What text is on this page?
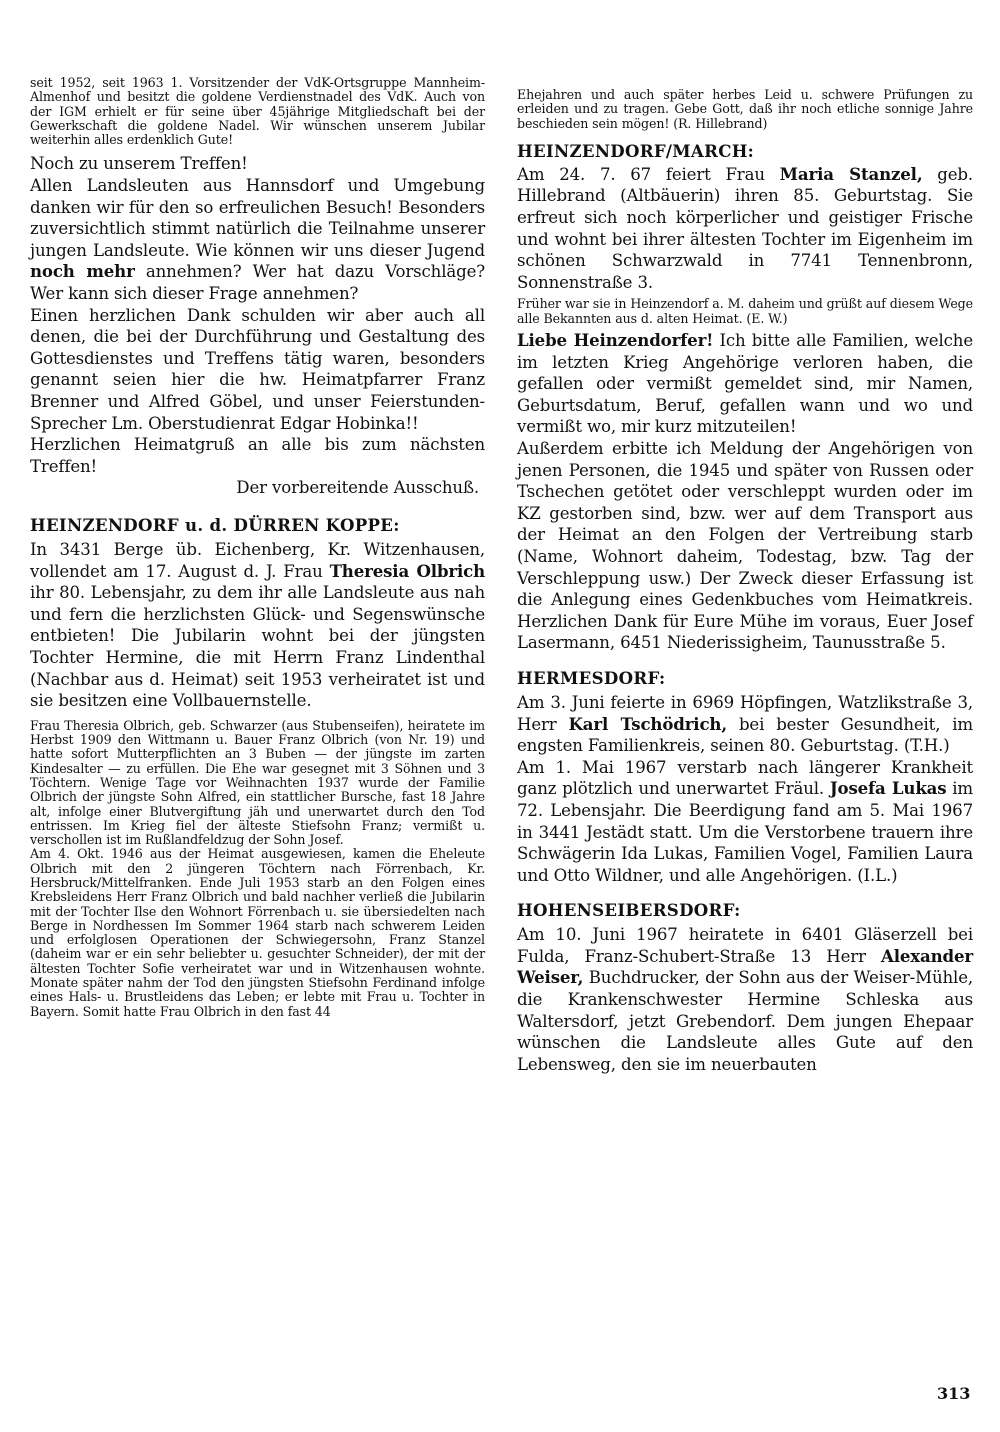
seit 1952, seit 1963 1. Vorsitzender der VdK-Ortsgruppe Mannheim-Almenhof und besitzt die goldene Verdienstnadel des VdK. Auch von der IGM erhielt er für seine über 45jährige Mitgliedschaft bei der Gewerkschaft die goldene Nadel. Wir wünschen unserem Jubilar weiterhin alles erdenklich Gute!

Noch zu unserem Treffen!

Allen Landsleuten aus Hannsdorf und Umgebung danken wir für den so erfreulichen Besuch! Besonders zuversichtlich stimmt natürlich die Teilnahme unserer jungen Landsleute. Wie können wir uns dieser Jugend noch mehr annehmen? Wer hat dazu Vorschläge? Wer kann sich dieser Frage annehmen?

Einen herzlichen Dank schulden wir aber auch all denen, die bei der Durchführung und Gestaltung des Gottesdienstes und Treffens tätig waren, besonders genannt seien hier die hw. Heimatpfarrer Franz Brenner und Alfred Göbel, und unser Feierstunden-Sprecher Lm. Oberstudienrat Edgar Hobinka!!

Herzlichen Heimatgruß an alle bis zum nächsten Treffen!

Der vorbereitende Ausschuß.

HEINZENDORF u. d. DÜRREN KOPPE:

In 3431 Berge üb. Eichenberg, Kr. Witzenhausen, vollendet am 17. August d. J. Frau Theresia Olbrich ihr 80. Lebensjahr, zu dem ihr alle Landsleute aus nah und fern die herzlichsten Glück- und Segenswünsche entbieten! Die Jubilarin wohnt bei der jüngsten Tochter Hermine, die mit Herrn Franz Lindenthal (Nachbar aus d. Heimat) seit 1953 verheiratet ist und sie besitzen eine Vollbauernstelle.

Frau Theresia Olbrich, geb. Schwarzer (aus Stubenseifen), heiratete im Herbst 1909 den Wittmann u. Bauer Franz Olbrich (von Nr. 19) und hatte sofort Mutterpflichten an 3 Buben — der jüngste im zarten Kindesalter — zu erfüllen. Die Ehe war gesegnet mit 3 Söhnen und 3 Töchtern. Wenige Tage vor Weihnachten 1937 wurde der Familie Olbrich der jüngste Sohn Alfred, ein stattlicher Bursche, fast 18 Jahre alt, infolge einer Blutvergiftung jäh und unerwartet durch den Tod entrissen. Im Krieg fiel der älteste Stiefsohn Franz; vermißt u. verschollen ist im Rußlandfeldzug der Sohn Josef.

Am 4. Okt. 1946 aus der Heimat ausgewiesen, kamen die Eheleute Olbrich mit den 2 jüngeren Töchtern nach Förrenbach, Kr. Hersbruck/Mittelfranken. Ende Juli 1953 starb an den Folgen eines Krebsleidens Herr Franz Olbrich und bald nachher verließ die Jubilarin mit der Tochter Ilse den Wohnort Förrenbach u. sie übersiedelten nach Berge in Nordhessen Im Sommer 1964 starb nach schwerem Leiden und erfolglosen Operationen der Schwiegersohn, Franz Stanzel (daheim war er ein sehr beliebter u. gesuchter Schneider), der mit der ältesten Tochter Sofie verheiratet war und in Witzenhausen wohnte. Monate später nahm der Tod den jüngsten Stiefsohn Ferdinand infolge eines Hals- u. Brustleidens das Leben; er lebte mit Frau u. Tochter in Bayern. Somit hatte Frau Olbrich in den fast 44

Ehejahren und auch später herbes Leid u. schwere Prüfungen zu erleiden und zu tragen. Gebe Gott, daß ihr noch etliche sonnige Jahre beschieden sein mögen! (R. Hillebrand)

HEINZENDORF/MARCH:

Am 24. 7. 67 feiert Frau Maria Stanzel, geb. Hillebrand (Altbäuerin) ihren 85. Geburtstag. Sie erfreut sich noch körperlicher und geistiger Frische und wohnt bei ihrer ältesten Tochter im Eigenheim im schönen Schwarzwald in 7741 Tennenbronn, Sonnenstraße 3.

Früher war sie in Heinzendorf a. M. daheim und grüßt auf diesem Wege alle Bekannten aus d. alten Heimat. (E. W.)

Liebe Heinzendorfer! Ich bitte alle Familien, welche im letzten Krieg Angehörige verloren haben, die gefallen oder vermißt gemeldet sind, mir Namen, Geburtsdatum, Beruf, gefallen wann und wo und vermißt wo, mir kurz mitzuteilen!

Außerdem erbitte ich Meldung der Angehörigen von jenen Personen, die 1945 und später von Russen oder Tschechen getötet oder verschleppt wurden oder im KZ gestorben sind, bzw. wer auf dem Transport aus der Heimat an den Folgen der Vertreibung starb (Name, Wohnort daheim, Todestag, bzw. Tag der Verschleppung usw.) Der Zweck dieser Erfassung ist die Anlegung eines Gedenkbuches vom Heimatkreis. Herzlichen Dank für Eure Mühe im voraus, Euer Josef Lasermann, 6451 Niederissigheim, Taunusstraße 5.

HERMESDORF:

Am 3. Juni feierte in 6969 Höpfingen, Watzlikstraße 3, Herr Karl Tschödrich, bei bester Gesundheit, im engsten Familienkreis, seinen 80. Geburtstag. (T.H.)

Am 1. Mai 1967 verstarb nach längerer Krankheit ganz plötzlich und unerwartet Fräul. Josefa Lukas im 72. Lebensjahr. Die Beerdigung fand am 5. Mai 1967 in 3441 Jestädt statt. Um die Verstorbene trauern ihre Schwägerin Ida Lukas, Familien Vogel, Familien Laura und Otto Wildner, und alle Angehörigen. (I.L.)

HOHENSEIBERSDORF:

Am 10. Juni 1967 heiratete in 6401 Gläserzell bei Fulda, Franz-Schubert-Straße 13 Herr Alexander Weiser, Buchdrucker, der Sohn aus der Weiser-Mühle, die Krankenschwester Hermine Schleska aus Waltersdorf, jetzt Grebendorf. Dem jungen Ehepaar wünschen die Landsleute alles Gute auf den Lebensweg, den sie im neuerbauten

313
